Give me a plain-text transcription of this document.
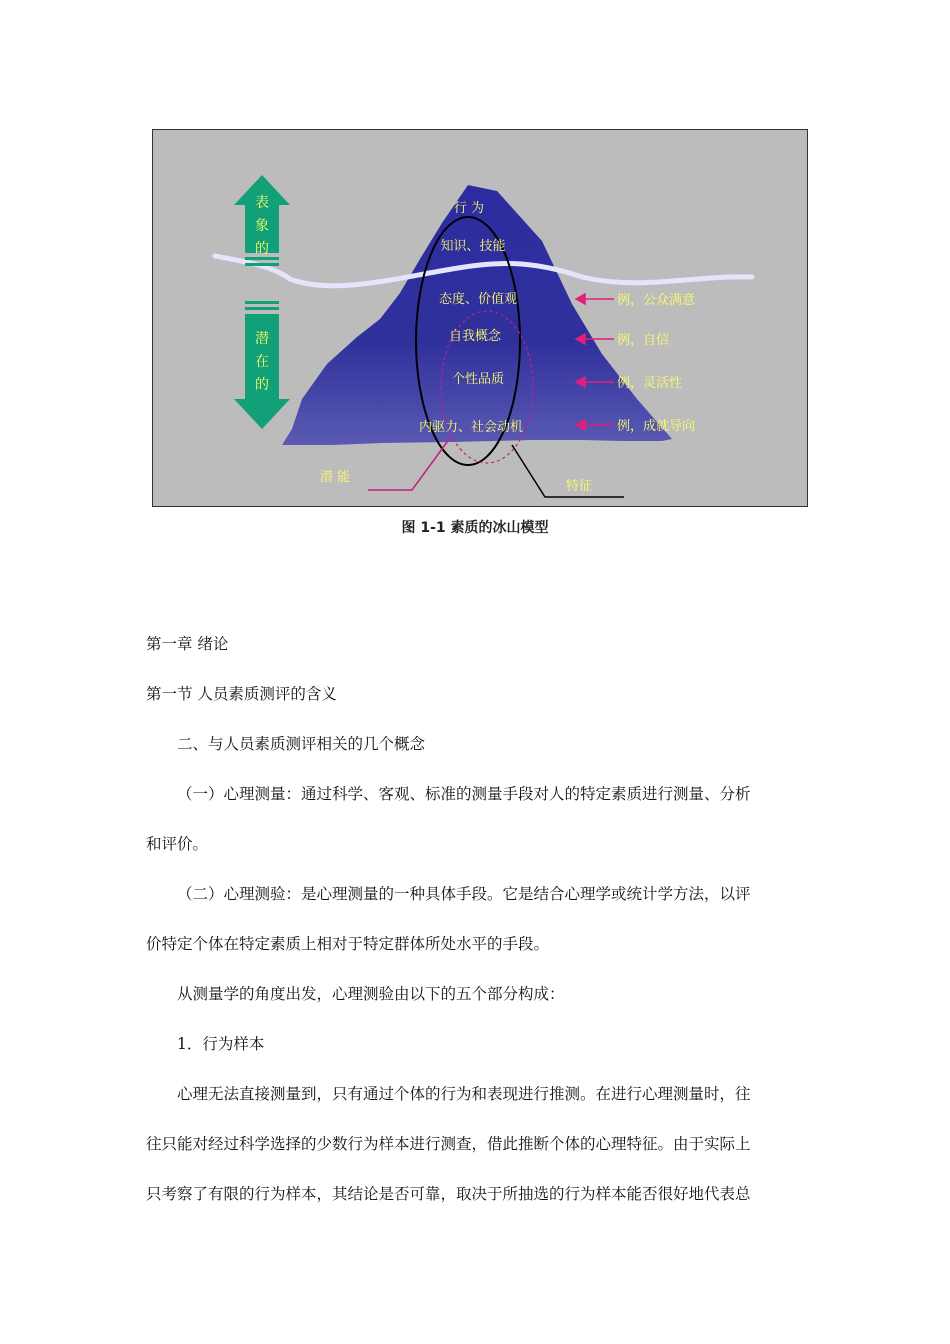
表
象
的
潜
在
的
行 为
知识、技能
态度、价值观
自我概念
个性品质
内驱力、社会动机
例，公众满意
例，自信
例，灵活性
例，成就导向
潜 能
特征
图 1-1 素质的冰山模型
第一章 绪论
第一节 人员素质测评的含义
二、与人员素质测评相关的几个概念
（一）心理测量：通过科学、客观、标准的测量手段对人的特定素质进行测量、分析
和评价。
（二）心理测验：是心理测量的一种具体手段。它是结合心理学或统计学方法，以评
价特定个体在特定素质上相对于特定群体所处水平的手段。
从测量学的角度出发，心理测验由以下的五个部分构成：
1．行为样本
心理无法直接测量到，只有通过个体的行为和表现进行推测。在进行心理测量时，往
往只能对经过科学选择的少数行为样本进行测查，借此推断个体的心理特征。由于实际上
只考察了有限的行为样本，其结论是否可靠，取决于所抽选的行为样本能否很好地代表总
